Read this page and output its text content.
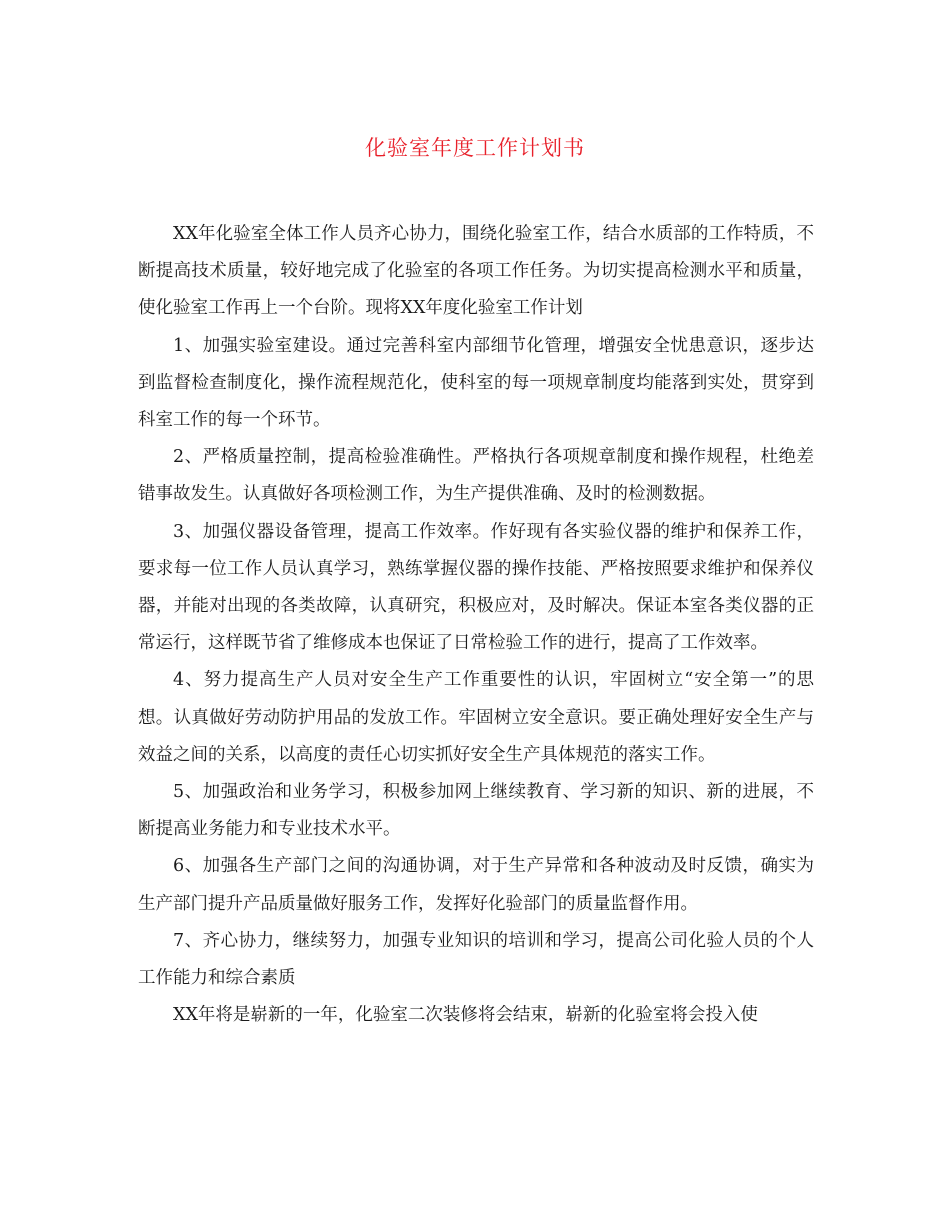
化验室年度工作计划书

XX年化验室全体工作人员齐心协力，围绕化验室工作，结合水质部的工作特质，不断提高技术质量，较好地完成了化验室的各项工作任务。为切实提高检测水平和质量，使化验室工作再上一个台阶。现将XX年度化验室工作计划

1、加强实验室建设。通过完善科室内部细节化管理，增强安全忧患意识，逐步达到监督检查制度化，操作流程规范化，使科室的每一项规章制度均能落到实处，贯穿到科室工作的每一个环节。

2、严格质量控制，提高检验准确性。严格执行各项规章制度和操作规程，杜绝差错事故发生。认真做好各项检测工作，为生产提供准确、及时的检测数据。

3、加强仪器设备管理，提高工作效率。作好现有各实验仪器的维护和保养工作，要求每一位工作人员认真学习，熟练掌握仪器的操作技能、严格按照要求维护和保养仪器，并能对出现的各类故障，认真研究，积极应对，及时解决。保证本室各类仪器的正常运行，这样既节省了维修成本也保证了日常检验工作的进行，提高了工作效率。

4、努力提高生产人员对安全生产工作重要性的认识，牢固树立“安全第一”的思想。认真做好劳动防护用品的发放工作。牢固树立安全意识。要正确处理好安全生产与效益之间的关系，以高度的责任心切实抓好安全生产具体规范的落实工作。

5、加强政治和业务学习，积极参加网上继续教育、学习新的知识、新的进展，不断提高业务能力和专业技术水平。

6、加强各生产部门之间的沟通协调，对于生产异常和各种波动及时反馈，确实为生产部门提升产品质量做好服务工作，发挥好化验部门的质量监督作用。

7、齐心协力，继续努力，加强专业知识的培训和学习，提高公司化验人员的个人工作能力和综合素质

XX年将是崭新的一年，化验室二次装修将会结束，崭新的化验室将会投入使
